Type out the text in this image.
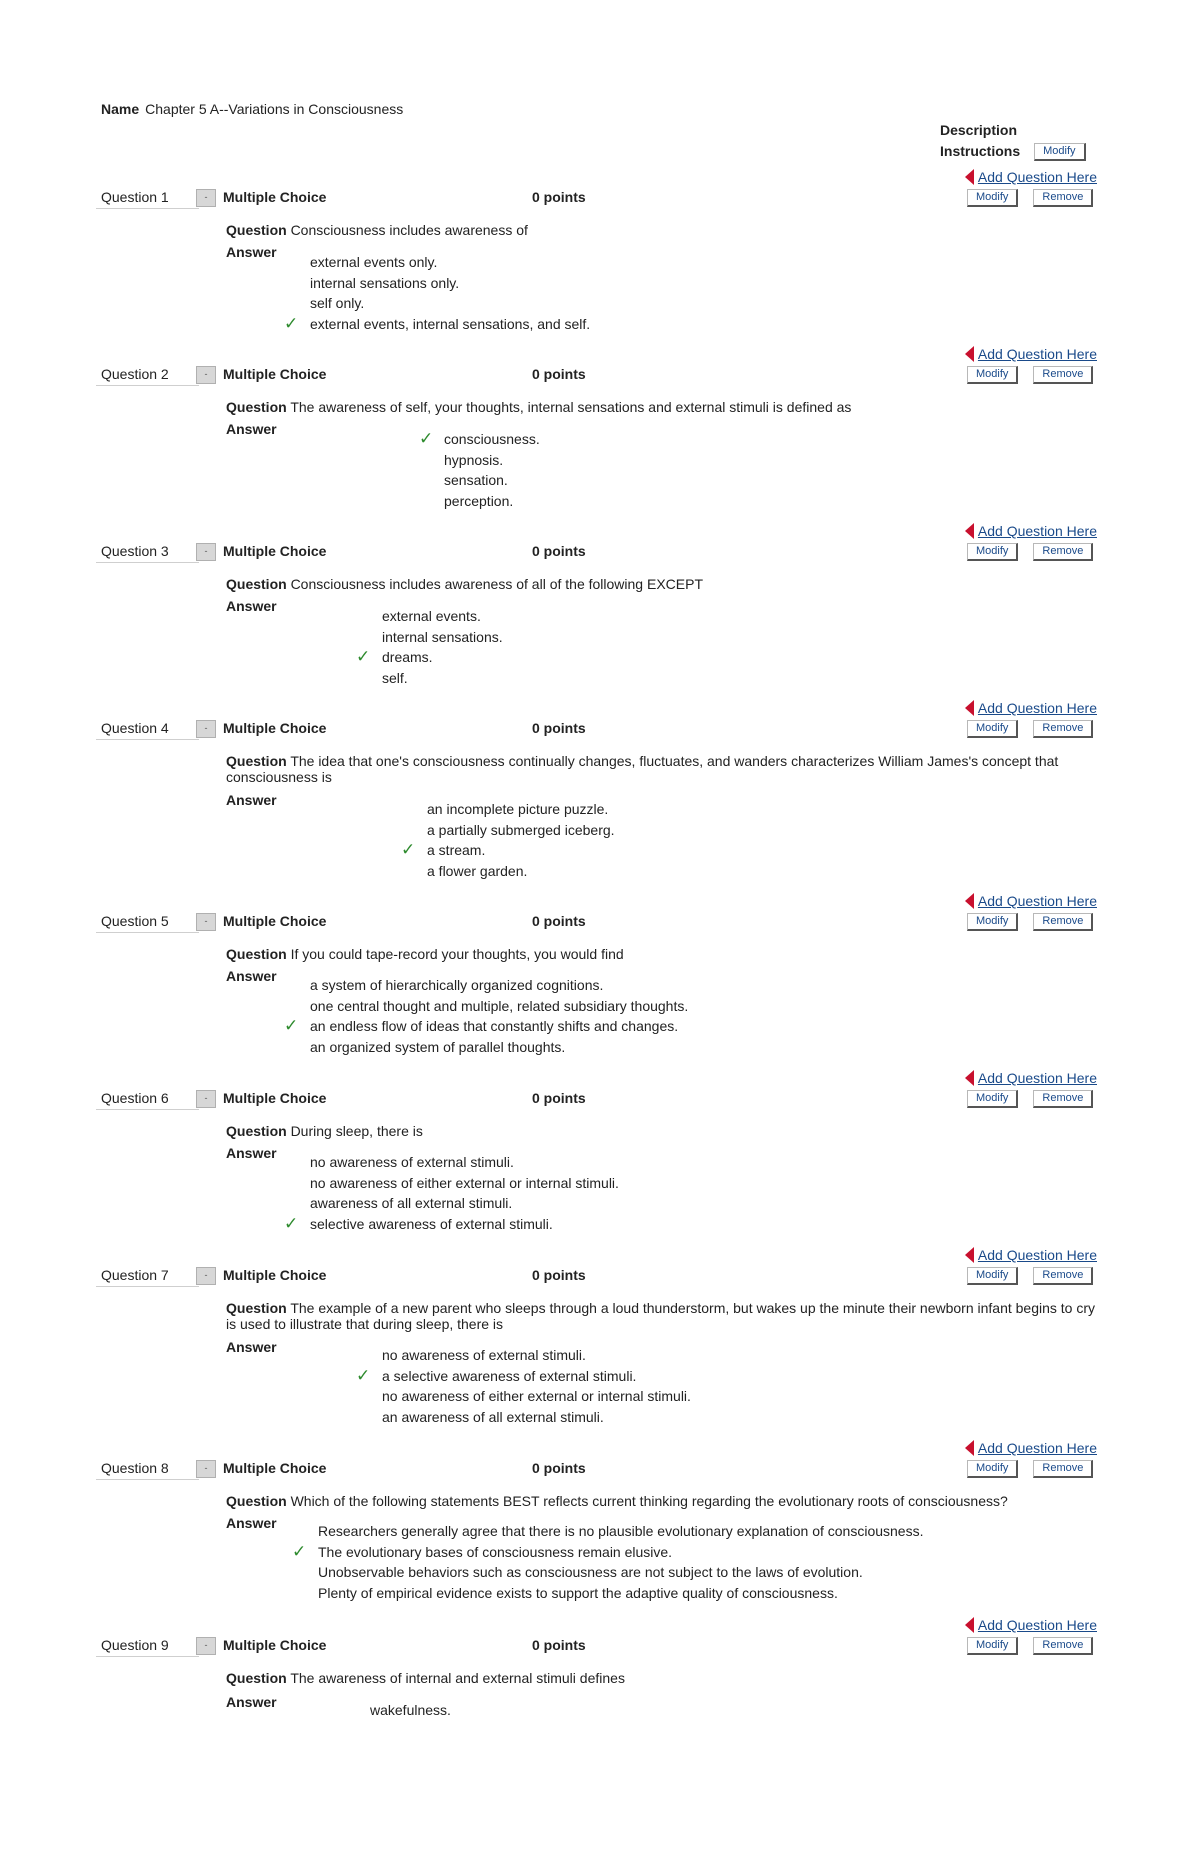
Name Chapter 5 A--Variations in Consciousness
Description
Instructions	Modify
Add Question Here
Question 1	-	Multiple Choice	0 points	Modify	Remove
Question Consciousness includes awareness of
Answer
external events only.
internal sensations only.
self only.
external events, internal sensations, and self.
✓
Add Question Here
Question 2	-	Multiple Choice	0 points	Modify	Remove
Question The awareness of self, your thoughts, internal sensations and external stimuli is defined as
Answer
consciousness.
✓
hypnosis.
sensation.
perception.
Add Question Here
Question 3	-	Multiple Choice	0 points	Modify	Remove
Question Consciousness includes awareness of all of the following EXCEPT
Answer
external events.
internal sensations.
dreams.
✓
self.
Add Question Here
Question 4	-	Multiple Choice	0 points	Modify	Remove
Question The idea that one's consciousness continually changes, fluctuates, and wanders characterizes William James's concept that consciousness is
Answer
an incomplete picture puzzle.
a partially submerged iceberg.
a stream.
✓
a flower garden.
Add Question Here
Question 5	-	Multiple Choice	0 points	Modify	Remove
Question If you could tape-record your thoughts, you would find
Answer
a system of hierarchically organized cognitions.
one central thought and multiple, related subsidiary thoughts.
an endless flow of ideas that constantly shifts and changes.
✓
an organized system of parallel thoughts.
Add Question Here
Question 6	-	Multiple Choice	0 points	Modify	Remove
Question During sleep, there is
Answer
no awareness of external stimuli.
no awareness of either external or internal stimuli.
awareness of all external stimuli.
selective awareness of external stimuli.
✓
Add Question Here
Question 7	-	Multiple Choice	0 points	Modify	Remove
Question The example of a new parent who sleeps through a loud thunderstorm, but wakes up the minute their newborn infant begins to cry is used to illustrate that during sleep, there is
Answer	no awareness of external stimuli.
a selective awareness of external stimuli.
✓
no awareness of either external or internal stimuli.
an awareness of all external stimuli.
Add Question Here
Question 8	-	Multiple Choice	0 points	Modify	Remove
Question Which of the following statements BEST reflects current thinking regarding the evolutionary roots of consciousness?
Answer	Researchers generally agree that there is no plausible evolutionary explanation of consciousness.
The evolutionary bases of consciousness remain elusive.
✓
Unobservable behaviors such as consciousness are not subject to the laws of evolution.
Plenty of empirical evidence exists to support the adaptive quality of consciousness.
Add Question Here
Question 9	-	Multiple Choice	0 points	Modify	Remove
Question The awareness of internal and external stimuli defines
Answer	wakefulness.
